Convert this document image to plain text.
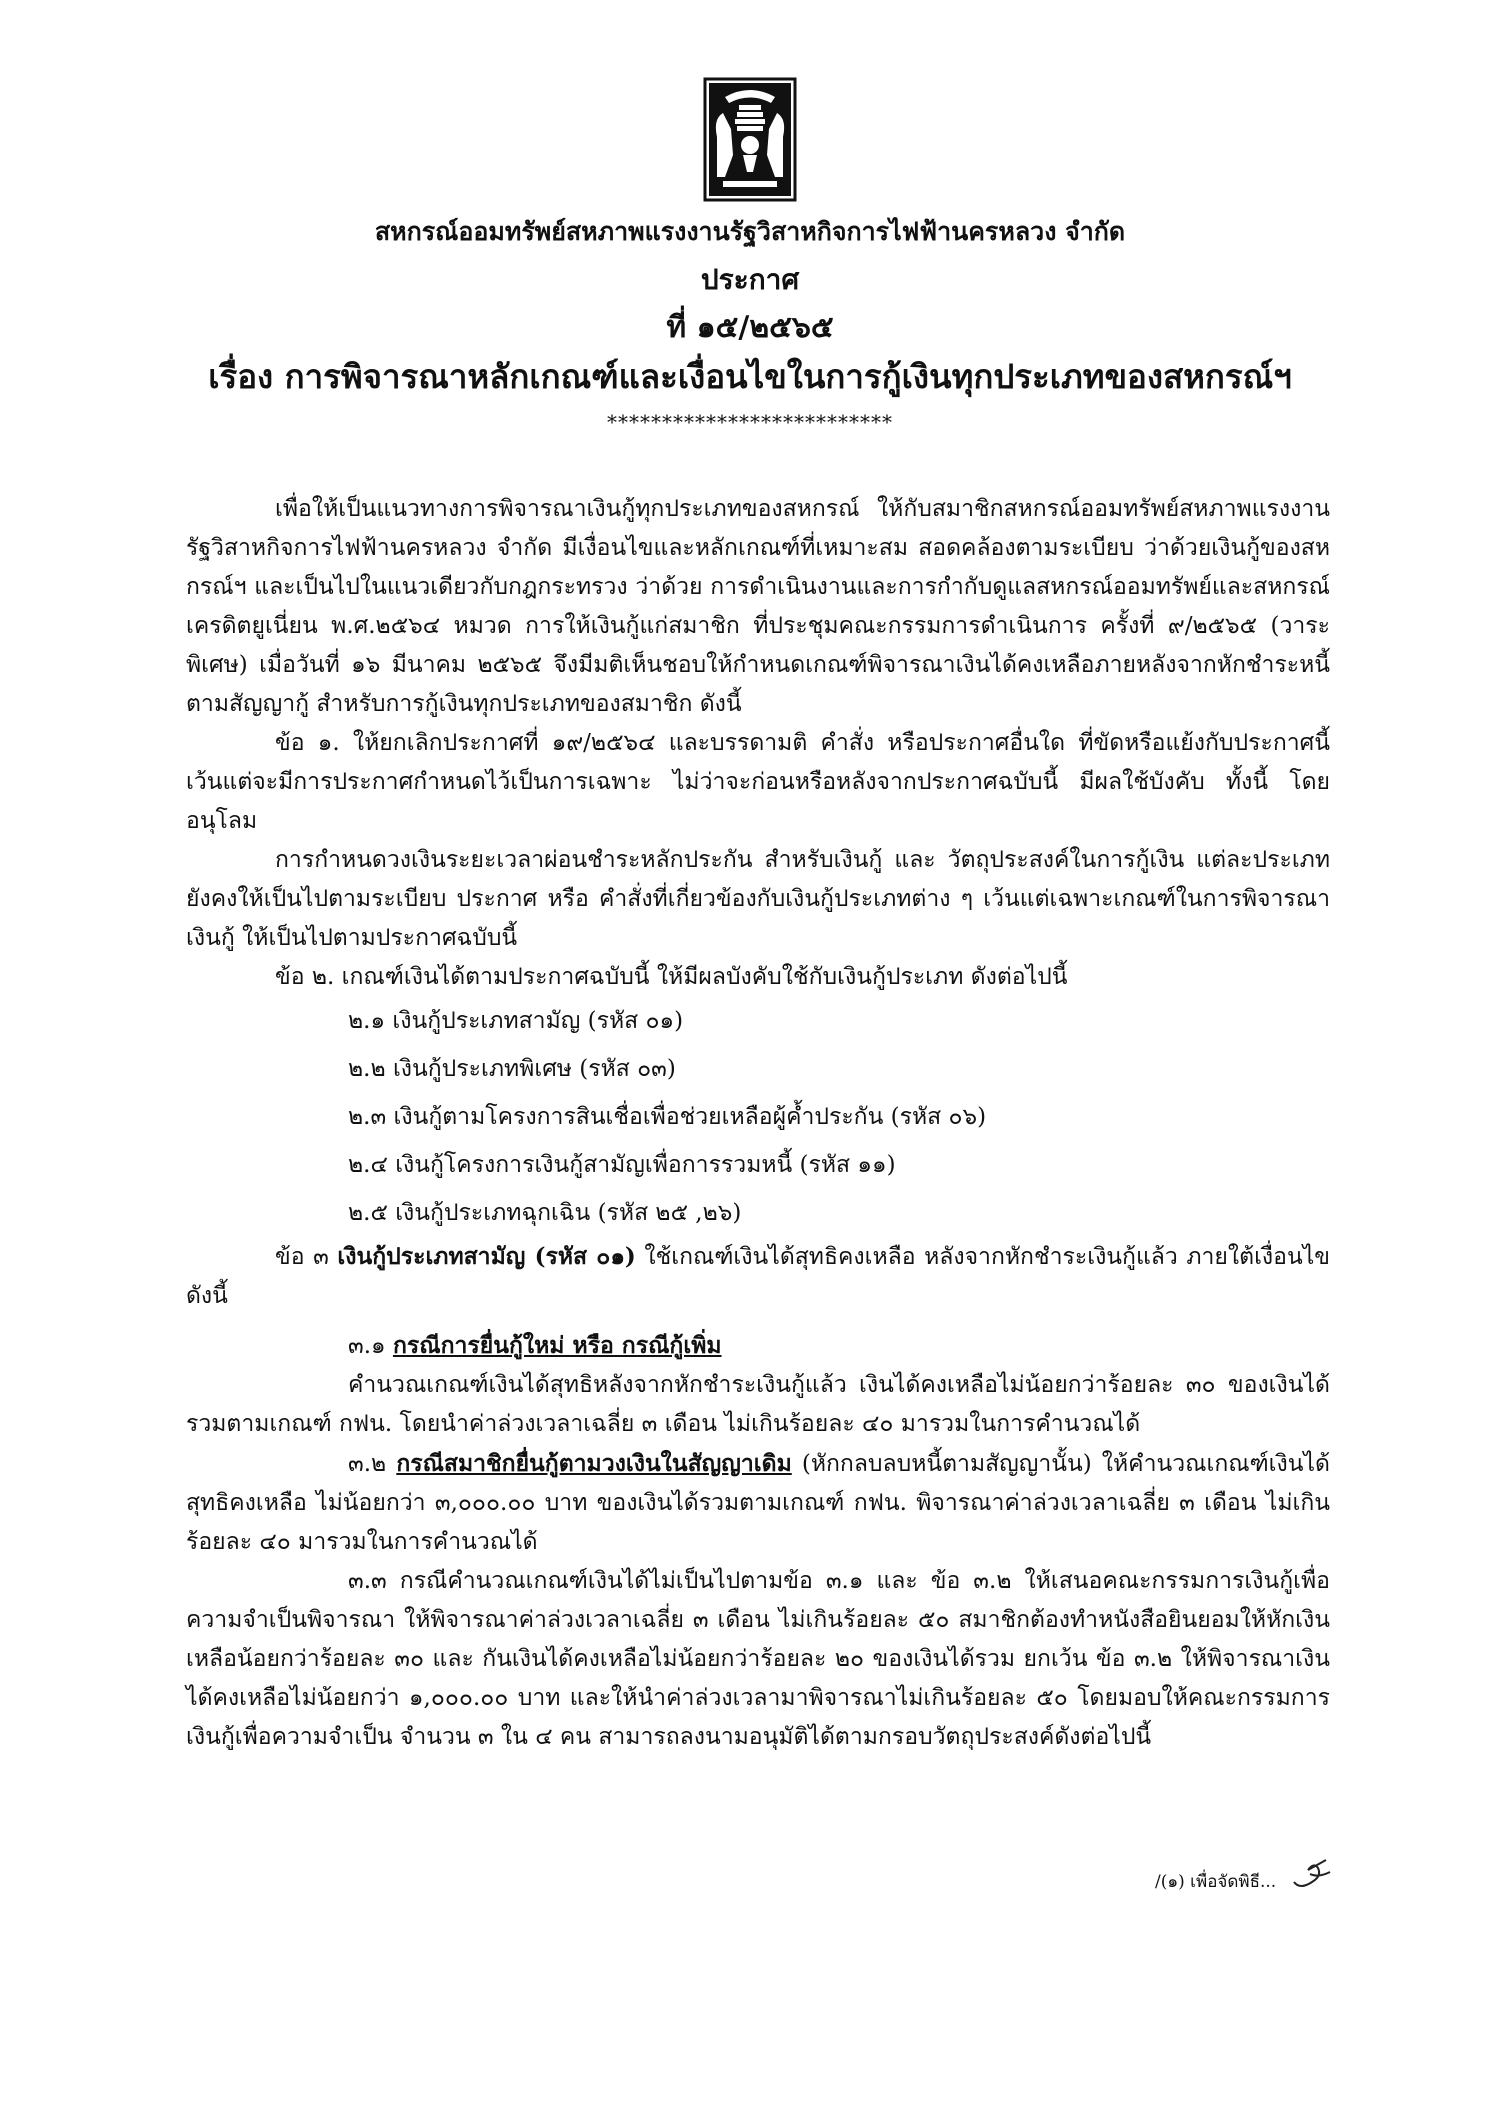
สหกรณ์ออมทรัพย์สหภาพแรงงานรัฐวิสาหกิจการไฟฟ้านครหลวง จำกัด
ประกาศ
ที่ ๑๕/๒๕๖๕
เรื่อง การพิจารณาหลักเกณฑ์และเงื่อนไขในการกู้เงินทุกประเภทของสหกรณ์ฯ
**************************

เพื่อให้เป็นแนวทางการพิจารณาเงินกู้ทุกประเภทของสหกรณ์ ให้กับสมาชิกสหกรณ์ออมทรัพย์สหภาพแรงงานรัฐวิสาหกิจการไฟฟ้านครหลวง จำกัด มีเงื่อนไขและหลักเกณฑ์ที่เหมาะสม สอดคล้องตามระเบียบ ว่าด้วยเงินกู้ของสหกรณ์ฯ และเป็นไปในแนวเดียวกับกฎกระทรวง ว่าด้วย การดำเนินงานและการกำกับดูแลสหกรณ์ออมทรัพย์และสหกรณ์เครดิตยูเนี่ยน พ.ศ.๒๕๖๔ หมวด การให้เงินกู้แก่สมาชิก ที่ประชุมคณะกรรมการดำเนินการ ครั้งที่ ๙/๒๕๖๕ (วาระพิเศษ) เมื่อวันที่ ๑๖ มีนาคม ๒๕๖๕ จึงมีมติเห็นชอบให้กำหนดเกณฑ์พิจารณาเงินได้คงเหลือภายหลังจากหักชำระหนี้ตามสัญญากู้ สำหรับการกู้เงินทุกประเภทของสมาชิก ดังนี้

ข้อ ๑. ให้ยกเลิกประกาศที่ ๑๙/๒๕๖๔ และบรรดามติ คำสั่ง หรือประกาศอื่นใด ที่ขัดหรือแย้งกับประกาศนี้ เว้นแต่จะมีการประกาศกำหนดไว้เป็นการเฉพาะ ไม่ว่าจะก่อนหรือหลังจากประกาศฉบับนี้ มีผลใช้บังคับ ทั้งนี้ โดยอนุโลม

การกำหนดวงเงินระยะเวลาผ่อนชำระหลักประกัน สำหรับเงินกู้ และ วัตถุประสงค์ในการกู้เงิน แต่ละประเภท ยังคงให้เป็นไปตามระเบียบ ประกาศ หรือ คำสั่งที่เกี่ยวข้องกับเงินกู้ประเภทต่าง ๆ เว้นแต่เฉพาะเกณฑ์ในการพิจารณาเงินกู้ ให้เป็นไปตามประกาศฉบับนี้

ข้อ ๒. เกณฑ์เงินได้ตามประกาศฉบับนี้ ให้มีผลบังคับใช้กับเงินกู้ประเภท ดังต่อไปนี้

๒.๑ เงินกู้ประเภทสามัญ (รหัส ๐๑)

๒.๒ เงินกู้ประเภทพิเศษ (รหัส ๐๓)

๒.๓ เงินกู้ตามโครงการสินเชื่อเพื่อช่วยเหลือผู้ค้ำประกัน (รหัส ๐๖)

๒.๔ เงินกู้โครงการเงินกู้สามัญเพื่อการรวมหนี้ (รหัส ๑๑)

๒.๕ เงินกู้ประเภทฉุกเฉิน (รหัส ๒๕ ,๒๖)

ข้อ ๓ เงินกู้ประเภทสามัญ (รหัส ๐๑) ใช้เกณฑ์เงินได้สุทธิคงเหลือ หลังจากหักชำระเงินกู้แล้ว ภายใต้เงื่อนไขดังนี้

๓.๑ กรณีการยื่นกู้ใหม่ หรือ กรณีกู้เพิ่ม

คำนวณเกณฑ์เงินได้สุทธิหลังจากหักชำระเงินกู้แล้ว เงินได้คงเหลือไม่น้อยกว่าร้อยละ ๓๐ ของเงินได้รวมตามเกณฑ์ กฟน. โดยนำค่าล่วงเวลาเฉลี่ย ๓ เดือน ไม่เกินร้อยละ ๔๐ มารวมในการคำนวณได้

๓.๒ กรณีสมาชิกยื่นกู้ตามวงเงินในสัญญาเดิม (หักกลบลบหนี้ตามสัญญานั้น) ให้คำนวณเกณฑ์เงินได้สุทธิคงเหลือ ไม่น้อยกว่า ๓,๐๐๐.๐๐ บาท ของเงินได้รวมตามเกณฑ์ กฟน. พิจารณาค่าล่วงเวลาเฉลี่ย ๓ เดือน ไม่เกินร้อยละ ๔๐ มารวมในการคำนวณได้

๓.๓ กรณีคำนวณเกณฑ์เงินได้ไม่เป็นไปตามข้อ ๓.๑ และ ข้อ ๓.๒ ให้เสนอคณะกรรมการเงินกู้เพื่อความจำเป็นพิจารณา ให้พิจารณาค่าล่วงเวลาเฉลี่ย ๓ เดือน ไม่เกินร้อยละ ๕๐ สมาชิกต้องทำหนังสือยินยอมให้หักเงินเหลือน้อยกว่าร้อยละ ๓๐ และ กันเงินได้คงเหลือไม่น้อยกว่าร้อยละ ๒๐ ของเงินได้รวม ยกเว้น ข้อ ๓.๒ ให้พิจารณาเงินได้คงเหลือไม่น้อยกว่า ๑,๐๐๐.๐๐ บาท และให้นำค่าล่วงเวลามาพิจารณาไม่เกินร้อยละ ๕๐ โดยมอบให้คณะกรรมการเงินกู้เพื่อความจำเป็น จำนวน ๓ ใน ๔ คน สามารถลงนามอนุมัติได้ตามกรอบวัตถุประสงค์ดังต่อไปนี้

/(๑) เพื่อจัดพิธี...
